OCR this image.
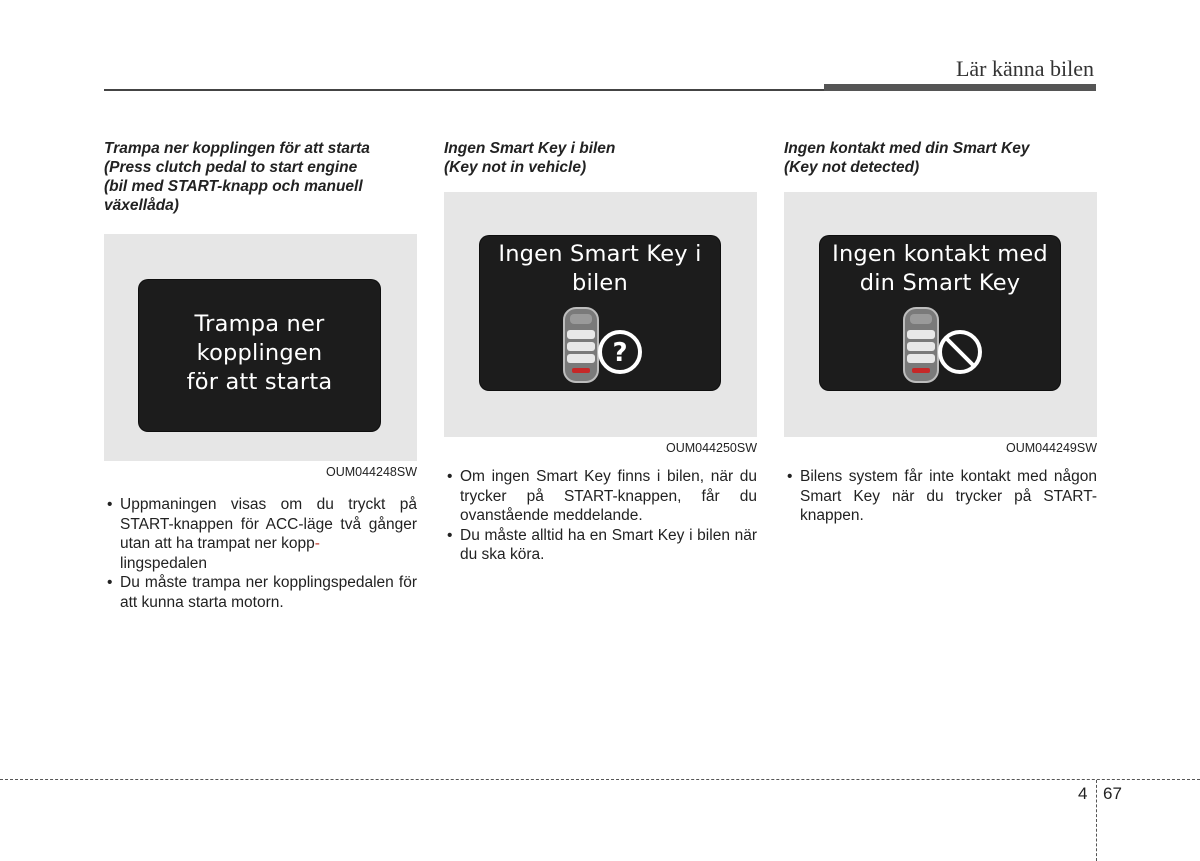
Lär känna bilen
Trampa ner kopplingen för att starta
(Press clutch pedal to start engine
(bil med START-knapp och manuell
växellåda)
Trampa ner
kopplingen
för att starta
OUM044248SW
• Uppmaningen visas om du tryckt på START-knappen för ACC-läge två gånger utan att ha trampat ner kopp-
lingspedalen
• Du måste trampa ner kopplingspedalen för att kunna starta motorn.
Ingen Smart Key i bilen
(Key not in vehicle)
Ingen Smart Key i
bilen
?
OUM044250SW
• Om ingen Smart Key finns i bilen, när du trycker på START-knappen, får du ovanstående meddelande.
• Du måste alltid ha en Smart Key i bilen när du ska köra.
Ingen kontakt med din Smart Key
(Key not detected)
Ingen kontakt med
din Smart Key
OUM044249SW
• Bilens system får inte kontakt med någon Smart Key när du trycker på START-knappen.
4 67
